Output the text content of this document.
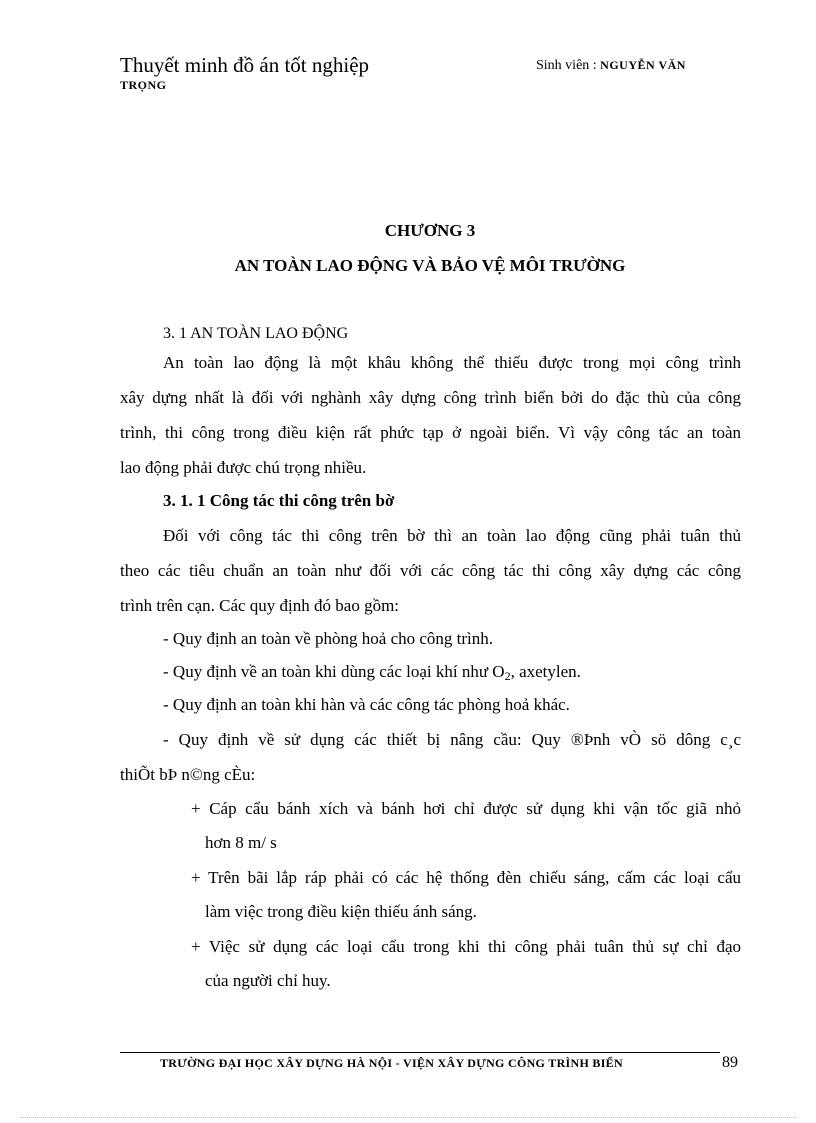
Thuyết minh đồ án tốt nghiệp
TRỌNG
Sinh viên : NGUYỄN VĂN
CHƯƠNG 3
AN TOÀN LAO ĐỘNG VÀ BẢO VỆ MÔI TRƯỜNG
3. 1 AN TOÀN LAO ĐỘNG
An toàn lao động là một khâu không thể thiếu được trong mọi công trình
xây dựng nhất là đối với nghành xây dựng công trình biển bởi do đặc thù của công
trình, thi công trong điều kiện rất phức tạp ở ngoài biển. Vì vậy công tác an toàn
lao động phải được chú trọng nhiều.
3. 1. 1 Công tác thi công trên bờ
Đối với công tác thi công trên bờ thì an toàn lao động cũng phải tuân thủ
theo các tiêu chuẩn an toàn như đối với các công tác thi công xây dựng các công
trình trên cạn. Các quy định đó bao gồm:
- Quy định an toàn về phòng hoả cho công trình.
- Quy định về an toàn khi dùng các loại khí như $O_2$, axetylen.
- Quy định an toàn khi hàn và các công tác phòng hoả khác.
- Quy định về sử dụng các thiết bị nâng cầu: Quy ®Þnh vÒ sö dông c¸c
thiÕt bÞ n©ng cÈu:
+ Cáp cẩu bánh xích và bánh hơi chỉ được sử dụng khi vận tốc giã nhỏ
hơn 8 m/ s
+ Trên bãi lắp ráp phải có các hệ thống đèn chiếu sáng, cấm các loại cẩu
làm việc trong điều kiện thiếu ánh sáng.
+ Việc sử dụng các loại cẩu trong khi thi công phải tuân thủ sự chỉ đạo
của người chỉ huy.
TRƯỜNG ĐẠI HỌC XÂY DỰNG HÀ NỘI - VIỆN XÂY DỰNG CÔNG TRÌNH BIỂN	89
